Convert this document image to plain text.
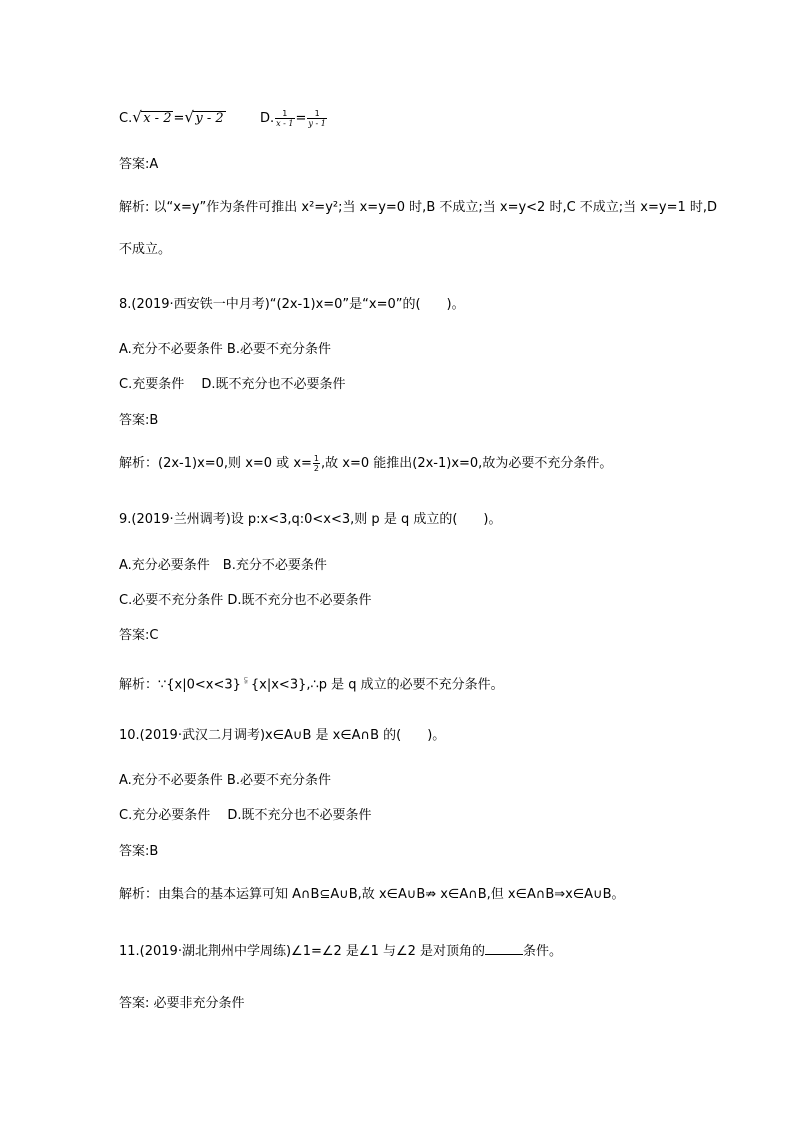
C. √ x - 2 = √ y - 2	D. $\frac{1}{x - 1} = \frac{1}{y - 1}$
答案:A
解析: 以“x=y”作为条件可推出 x²=y²;当 x=y=0 时,B 不成立;当 x=y<2 时,C 不成立;当 x=y=1 时,D
不成立。
8.(2019·西安铁一中月考)“(2x-1)x=0”是“x=0”的(　　)。
A.充分不必要条件 B.必要不充分条件
C.充要条件　 D.既不充分也不必要条件
答案:B
解析：(2x-1)x=0,则 x=0 或 $x= \frac{1}{2}$ ,故 x=0 能推出(2x-1)x=0,故为必要不充分条件。
9.(2019·兰州调考)设 p:x<3,q:0<x<3,则 p 是 q 成立的(　　)。
A.充分必要条件　B.充分不必要条件
C.必要不充分条件 D.既不充分也不必要条件
答案:C
解析：∵{x|0<x<3} ⫋ {x|x<3},∴p 是 q 成立的必要不充分条件。
10.(2019·武汉二月调考)x∈A∪B 是 x∈A∩B 的(　　)。
A.充分不必要条件 B.必要不充分条件
C.充分必要条件　 D.既不充分也不必要条件
答案:B
解析：由集合的基本运算可知 A∩B⊆A∪B,故 x∈A∪B⇏ x∈A∩B,但 x∈A∩B⇒x∈A∪B。
11.(2019·湖北荆州中学周练)∠1=∠2 是∠1 与∠2 是对顶角的	条件。
答案: 必要非充分条件
